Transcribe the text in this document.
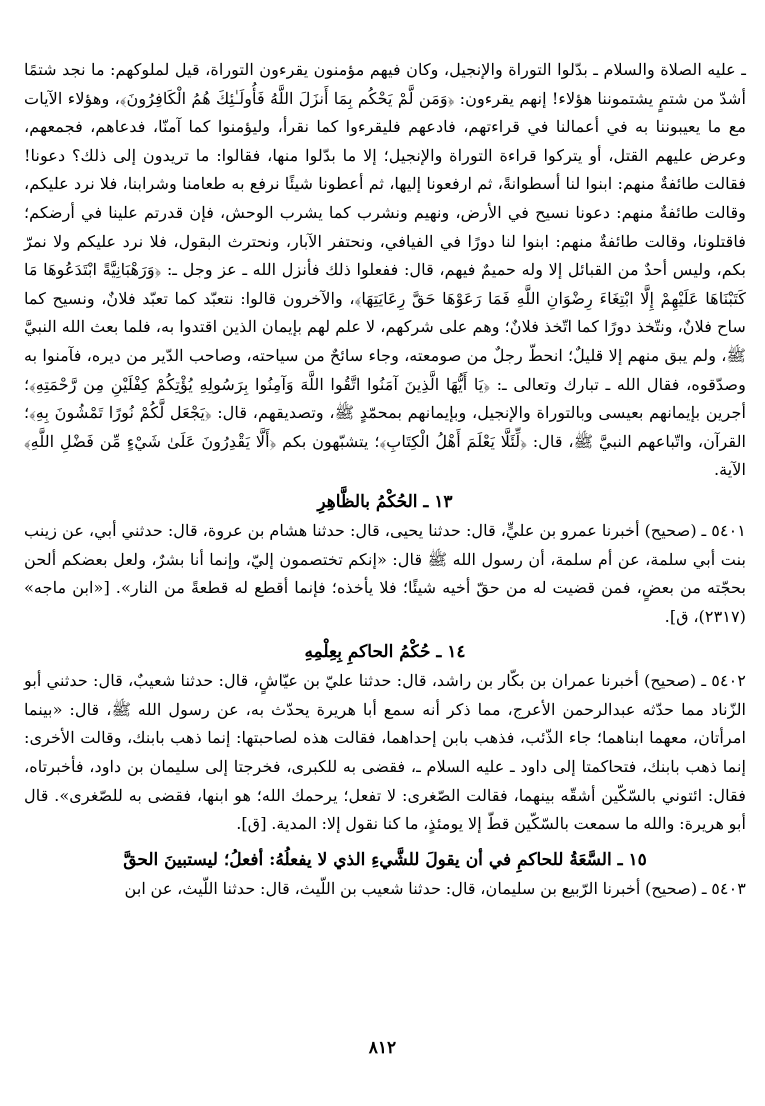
ـ عليه الصلاة والسلام ـ بدّلوا التوراة والإنجيل، وكان فيهم مؤمنون يقرءون التوراة، قيل لملوكهم: ما نجد شتمًا أشدّ من شتمٍ يشتموننا هؤلاء! إنهم يقرءون: ﴿وَمَن لَّمْ يَحْكُم بِمَا أَنزَلَ اللَّهُ فَأُولَـٰئِكَ هُمُ الْكَافِرُونَ﴾، وهؤلاء الآيات مع ما يعيبوننا به في أعمالنا في قراءتهم، فادعهم فليقرءوا كما نقرأ، وليؤمنوا كما آمنّا، فدعاهم، فجمعهم، وعرض عليهم القتل، أو يتركوا قراءة التوراة والإنجيل؛ إلا ما بدّلوا منها، فقالوا: ما تريدون إلى ذلك؟ دعونا! فقالت طائفةٌ منهم: ابنوا لنا أسطوانةً، ثم ارفعونا إليها، ثم أعطونا شيئًا نرفع به طعامنا وشرابنا، فلا نرد عليكم، وقالت طائفةٌ منهم: دعونا نسيح في الأرض، ونهيم ونشرب كما يشرب الوحش، فإن قدرتم علينا في أرضكم؛ فاقتلونا، وقالت طائفةٌ منهم: ابنوا لنا دورًا في الفيافي، ونحتفر الآبار، ونحترث البقول، فلا نرد عليكم ولا نمرّ بكم، وليس أحدٌ من القبائل إلا وله حميمٌ فيهم، قال: ففعلوا ذلك فأنزل الله ـ عز وجل ـ: ﴿وَرَهْبَانِيَّةً ابْتَدَعُوهَا مَا كَتَبْنَاهَا عَلَيْهِمْ إِلَّا ابْتِغَاءَ رِضْوَانِ اللَّهِ فَمَا رَعَوْهَا حَقَّ رِعَايَتِهَا﴾، والآخرون قالوا: نتعبّد كما تعبّد فلانٌ، ونسيح كما ساح فلانٌ، ونتّخذ دورًا كما اتّخذ فلانٌ؛ وهم على شركهم، لا علم لهم بإيمان الذين اقتدوا به، فلما بعث الله النبيَّ ﷺ، ولم يبق منهم إلا قليلٌ؛ انحطّ رجلٌ من صومعته، وجاء سائحٌ من سياحته، وصاحب الدّير من ديره، فآمنوا به وصدّقوه، فقال الله ـ تبارك وتعالى ـ: ﴿يَا أَيُّهَا الَّذِينَ آمَنُوا اتَّقُوا اللَّهَ وَآمِنُوا بِرَسُولِهِ يُؤْتِكُمْ كِفْلَيْنِ مِن رَّحْمَتِهِ﴾؛ أجرين بإيمانهم بعيسى وبالتوراة والإنجيل، وبإيمانهم بمحمّدٍ ﷺ، وتصديقهم، قال: ﴿يَجْعَل لَّكُمْ نُورًا تَمْشُونَ بِهِ﴾؛ القرآن، واتّباعهم النبيَّ ﷺ، قال: ﴿لِّئَلَّا يَعْلَمَ أَهْلُ الْكِتَابِ﴾؛ يتشبّهون بكم ﴿أَلَّا يَقْدِرُونَ عَلَىٰ شَيْءٍ مِّن فَضْلِ اللَّهِ﴾ الآية.

١٣ ـ الحُكْمُ بالظَّاهِرِ

٥٤٠١ ـ (صحيح) أخبرنا عمرو بن عليٍّ، قال: حدثنا يحيى، قال: حدثنا هشام بن عروة، قال: حدثني أبي، عن زينب بنت أبي سلمة، عن أم سلمة، أن رسول الله ﷺ قال: «إنكم تختصمون إليّ، وإنما أنا بشرٌ، ولعل بعضكم ألحن بحجّته من بعضٍ، فمن قضيت له من حقّ أخيه شيئًا؛ فلا يأخذه؛ فإنما أقطع له قطعةً من النار». [«ابن ماجه» (٢٣١٧)، ق].

١٤ ـ حُكْمُ الحاكمِ بِعِلْمِهِ

٥٤٠٢ ـ (صحيح) أخبرنا عمران بن بكّار بن راشد، قال: حدثنا عليّ بن عيّاشٍ، قال: حدثنا شعيبٌ، قال: حدثني أبو الزّناد مما حدّثه عبدالرحمن الأعرج، مما ذكر أنه سمع أبا هريرة يحدّث به، عن رسول الله ﷺ، قال: «بينما امرأتان، معهما ابناهما؛ جاء الذّئب، فذهب بابن إحداهما، فقالت هذه لصاحبتها: إنما ذهب بابنك، وقالت الأخرى: إنما ذهب بابنك، فتحاكمتا إلى داود ـ عليه السلام ـ، فقضى به للكبرى، فخرجتا إلى سليمان بن داود، فأخبرتاه، فقال: ائتوني بالسّكّين أشقّه بينهما، فقالت الصّغرى: لا تفعل؛ يرحمك الله؛ هو ابنها، فقضى به للصّغرى». قال أبو هريرة: والله ما سمعت بالسّكّين قطّ إلا يومئذٍ، ما كنا نقول إلا: المدية. [ق].

١٥ ـ السَّعَةُ للحاكمِ في أن يقولَ للشَّيءِ الذي لا يفعلُهُ: أفعلُ؛ ليستبينَ الحقَّ

٥٤٠٣ ـ (صحيح) أخبرنا الرّبيع بن سليمان، قال: حدثنا شعيب بن اللّيث، قال: حدثنا اللّيث، عن ابن

٨١٢
